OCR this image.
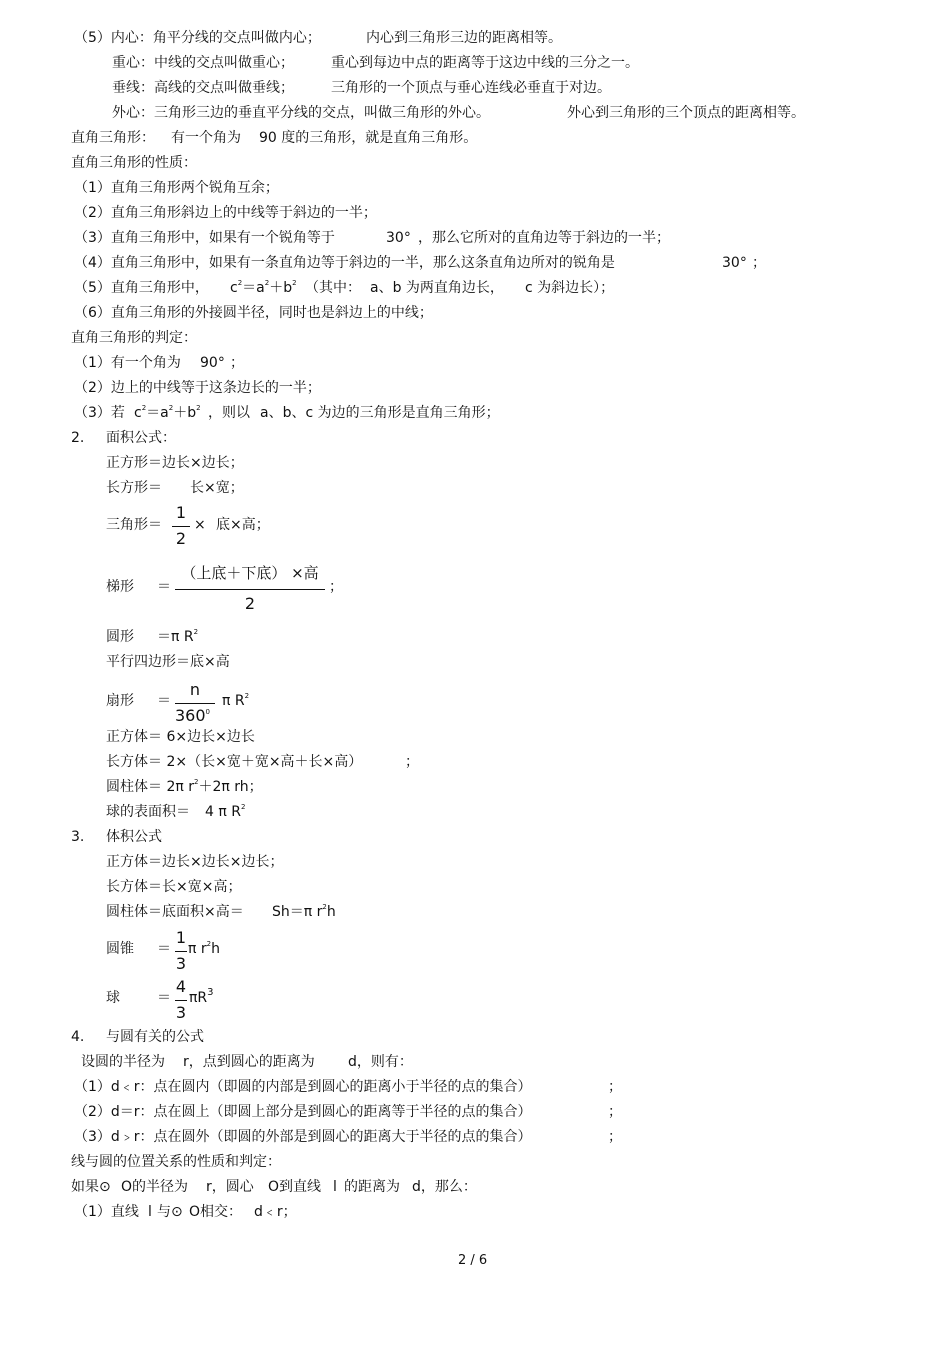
（5）内心：角平分线的交点叫做内心；	内心到三角形三边的距离相等。
重心：中线的交点叫做重心；	重心到每边中点的距离等于这边中线的三分之一。
垂线：高线的交点叫做垂线；	三角形的一个顶点与垂心连线必垂直于对边。
外心：三角形三边的垂直平分线的交点，叫做三角形的外心。	外心到三角形的三个顶点的距离相等。
直角三角形： 有一个角为 90 度的三角形，就是直角三角形。
直角三角形的性质：
（1）直角三角形两个锐角互余；
（2）直角三角形斜边上的中线等于斜边的一半；
（3）直角三角形中，如果有一个锐角等于	30° ，那么它所对的直角边等于斜边的一半；
（4）直角三角形中，如果有一条直角边等于斜边的一半，那么这条直角边所对的锐角是	30° ；
（5）直角三角形中， $c^2=a^2+b^2$ （其中： a、b 为两直角边长， c 为斜边长）；
（6）直角三角形的外接圆半径，同时也是斜边上的中线；
直角三角形的判定：
（1）有一个角为 90° ；
（2）边上的中线等于这条边长的一半；
（3）若 $c^2=a^2+b^2$ ，则以 a、b、c 为边的三角形是直角三角形；
2. 面积公式：
正方形＝边长×边长；
长方形＝ 长×宽；
三角形＝
1
2
× 底×高；
梯形 ＝
（上底＋下底） ×高
2
；
圆形 ＝π $R^2$
平行四边形＝底×高
扇形 ＝
n
$360^0$
π $R^2$
正方体＝ 6×边长×边长
长方体＝ 2×（长×宽＋宽×高＋长×高）	；
圆柱体＝ 2π $r^2+2\pi$ rh；
球的表面积＝ 4 π $R^2$
3. 体积公式
正方体＝边长×边长×边长；
长方体＝长×宽×高；
圆柱体＝底面积×高＝ Sh＝π $r^2h$
圆锥 ＝
1
3
π $r^2h$
球	＝
4
3
$\pi R^3$
4. 与圆有关的公式
设圆的半径为 r，点到圆心的距离为 d，则有：
（1）d﹤r：点在圆内（即圆的内部是到圆心的距离小于半径的点的集合）	；
（2）d＝r：点在圆上（即圆上部分是到圆心的距离等于半径的点的集合）	；
（3）d﹥r：点在圆外（即圆的外部是到圆心的距离大于半径的点的集合）	；
线与圆的位置关系的性质和判定：
如果⊙ O的半径为 r，圆心 O到直线 l 的距离为 d，那么：
（1）直线 l 与⊙ O相交： d﹤r；
2 / 6
